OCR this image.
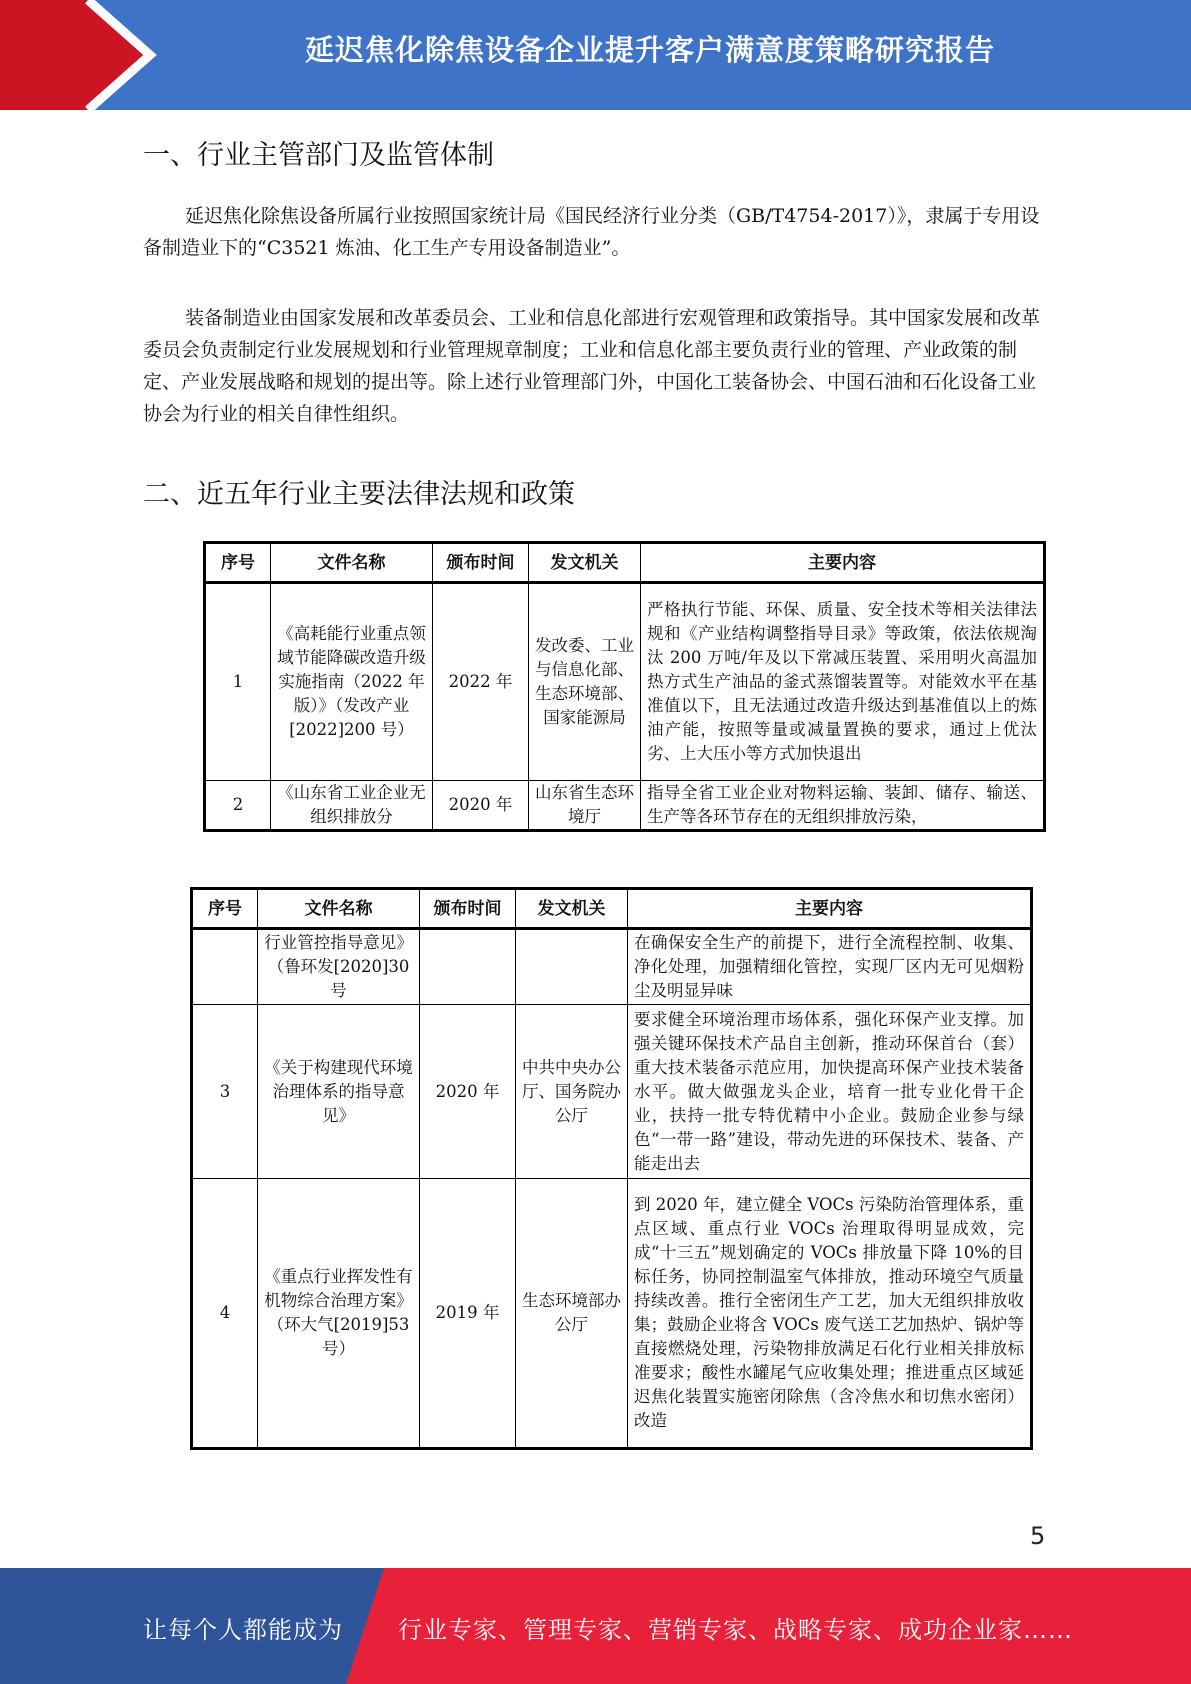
延迟焦化除焦设备企业提升客户满意度策略研究报告
一、行业主管部门及监管体制

延迟焦化除焦设备所属行业按照国家统计局《国民经济行业分类（GB/T4754-2017）》，隶属于专用设备制造业下的“C3521 炼油、化工生产专用设备制造业”。

装备制造业由国家发展和改革委员会、工业和信息化部进行宏观管理和政策指导。其中国家发展和改革委员会负责制定行业发展规划和行业管理规章制度；工业和信息化部主要负责行业的管理、产业政策的制定、产业发展战略和规划的提出等。除上述行业管理部门外，中国化工装备协会、中国石油和石化设备工业协会为行业的相关自律性组织。

二、近五年行业主要法律法规和政策
序号	文件名称	颁布时间	发文机关	主要内容
1	《高耗能行业重点领域节能降碳改造升级实施指南（2022 年版）》（发改产业[2022]200 号）	2022 年	发改委、工业与信息化部、生态环境部、国家能源局	严格执行节能、环保、质量、安全技术等相关法律法规和《产业结构调整指导目录》等政策，依法依规淘汰 200 万吨/年及以下常减压装置、采用明火高温加热方式生产油品的釜式蒸馏装置等。对能效水平在基准值以下，且无法通过改造升级达到基准值以上的炼油产能，按照等量或减量置换的要求，通过上优汰劣、上大压小等方式加快退出
2	《山东省工业企业无组织排放分	2020 年	山东省生态环境厅	指导全省工业企业对物料运输、装卸、储存、输送、生产等各环节存在的无组织排放污染，
序号	文件名称	颁布时间	发文机关	主要内容
	行业管控指导意见》（鲁环发[2020]30 号			在确保安全生产的前提下，进行全流程控制、收集、净化处理，加强精细化管控，实现厂区内无可见烟粉尘及明显异味
3	《关于构建现代环境治理体系的指导意见》	2020 年	中共中央办公厅、国务院办公厅	要求健全环境治理市场体系，强化环保产业支撑。加强关键环保技术产品自主创新，推动环保首台（套）重大技术装备示范应用，加快提高环保产业技术装备水平。做大做强龙头企业，培育一批专业化骨干企业，扶持一批专特优精中小企业。鼓励企业参与绿色“一带一路”建设，带动先进的环保技术、装备、产能走出去
4	《重点行业挥发性有机物综合治理方案》（环大气[2019]53 号）	2019 年	生态环境部办公厅	到 2020 年，建立健全 VOCs 污染防治管理体系，重点区域、重点行业 VOCs 治理取得明显成效，完成“十三五”规划确定的 VOCs 排放量下降 10%的目标任务，协同控制温室气体排放，推动环境空气质量持续改善。推行全密闭生产工艺，加大无组织排放收集；鼓励企业将含 VOCs 废气送工艺加热炉、锅炉等直接燃烧处理，污染物排放满足石化行业相关排放标准要求；酸性水罐尾气应收集处理；推进重点区域延迟焦化装置实施密闭除焦（含冷焦水和切焦水密闭）改造
5
让每个人都能成为 行业专家、管理专家、营销专家、战略专家、成功企业家……
